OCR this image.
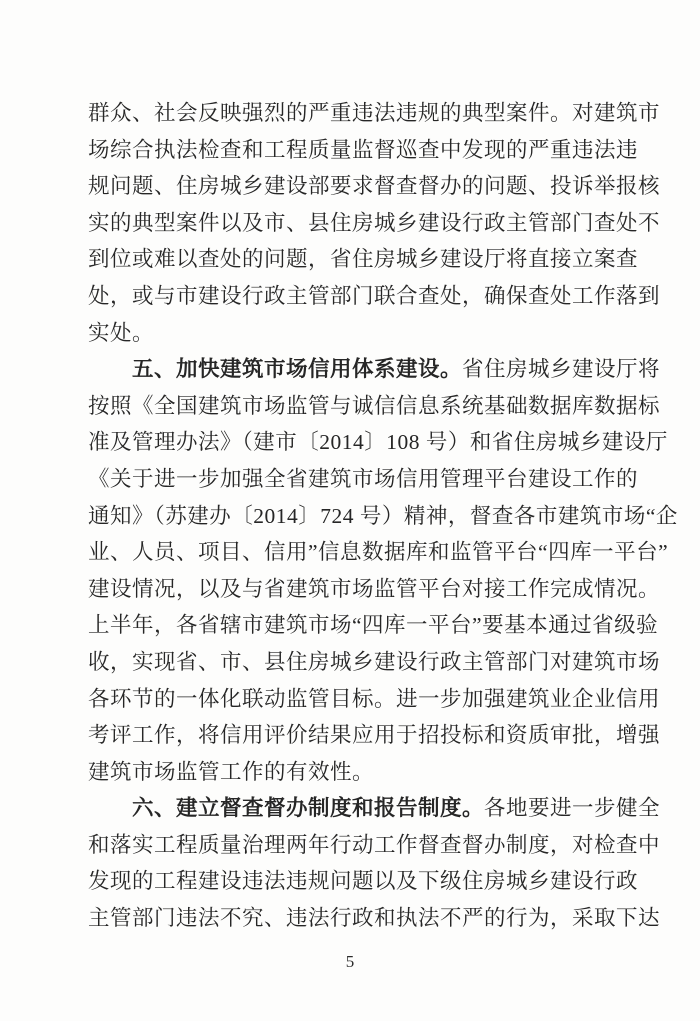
群众、社会反映强烈的严重违法违规的典型案件。对建筑市
场综合执法检查和工程质量监督巡查中发现的严重违法违
规问题、住房城乡建设部要求督查督办的问题、投诉举报核
实的典型案件以及市、县住房城乡建设行政主管部门查处不
到位或难以查处的问题，省住房城乡建设厅将直接立案查
处，或与市建设行政主管部门联合查处，确保查处工作落到
实处。
五、加快建筑市场信用体系建设。省住房城乡建设厅将
按照《全国建筑市场监管与诚信信息系统基础数据库数据标
准及管理办法》（建市〔2014〕108 号）和省住房城乡建设厅
《关于进一步加强全省建筑市场信用管理平台建设工作的
通知》（苏建办〔2014〕724 号）精神，督查各市建筑市场“企
业、人员、项目、信用”信息数据库和监管平台“四库一平台”
建设情况，以及与省建筑市场监管平台对接工作完成情况。
上半年，各省辖市建筑市场“四库一平台”要基本通过省级验
收，实现省、市、县住房城乡建设行政主管部门对建筑市场
各环节的一体化联动监管目标。进一步加强建筑业企业信用
考评工作，将信用评价结果应用于招投标和资质审批，增强
建筑市场监管工作的有效性。
六、建立督查督办制度和报告制度。各地要进一步健全
和落实工程质量治理两年行动工作督查督办制度，对检查中
发现的工程建设违法违规问题以及下级住房城乡建设行政
主管部门违法不究、违法行政和执法不严的行为，采取下达
5
